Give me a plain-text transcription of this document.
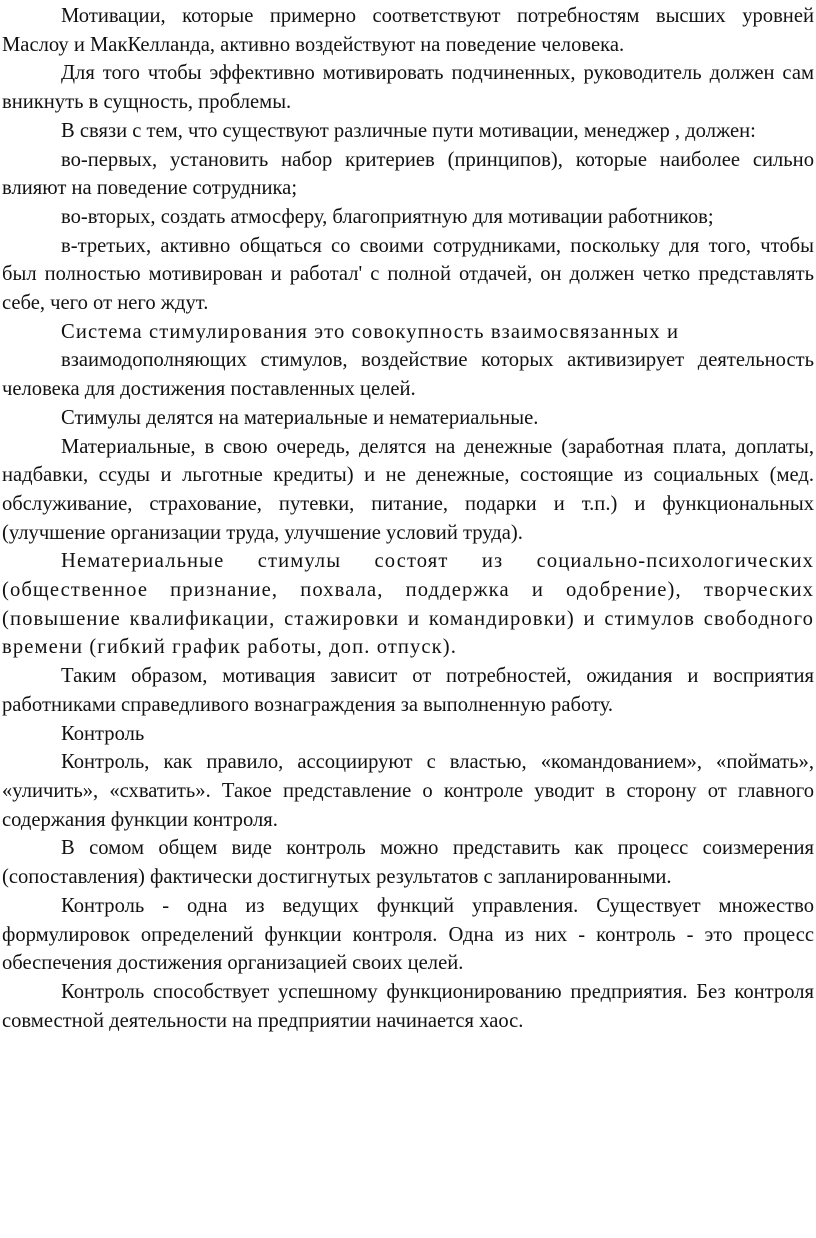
Мотивации, которые примерно соответствуют потребностям высших уровней Маслоу и МакКелланда, активно воздействуют на поведение человека.

Для того чтобы эффективно мотивировать подчиненных, руководитель должен сам вникнуть в сущность, проблемы.

В связи с тем, что существуют различные пути мотивации, менеджер , должен:

во-первых, установить набор критериев (принципов), которые наиболее сильно влияют на поведение сотрудника;

во-вторых, создать атмосферу, благоприятную для мотивации работников;

в-третьих, активно общаться со своими сотрудниками, поскольку для того, чтобы был полностью мотивирован и работал' с полной отдачей, он должен четко представлять себе, чего от него ждут.

Система стимулирования это совокупность взаимосвязанных и

взаимодополняющих стимулов, воздействие которых активизирует деятельность человека для достижения поставленных целей.

Стимулы делятся на материальные и нематериальные.

Материальные, в свою очередь, делятся на денежные (заработная плата, доплаты, надбавки, ссуды и льготные кредиты) и не денежные, состоящие из социальных (мед. обслуживание, страхование, путевки, питание, подарки и т.п.) и функциональных (улучшение организации труда, улучшение условий труда).

Нематериальные стимулы состоят из социально-психологических (общественное признание, похвала, поддержка и одобрение), творческих (повышение квалификации, стажировки и командировки) и стимулов свободного времени (гибкий график работы, доп. отпуск).

Таким образом, мотивация зависит от потребностей, ожидания и восприятия работниками справедливого вознаграждения за выполненную работу.

Контроль

Контроль, как правило, ассоциируют с властью, «командованием», «поймать», «уличить», «схватить». Такое представление о контроле уводит в сторону от главного содержания функции контроля.

В сомом общем виде контроль можно представить как процесс соизмерения (сопоставления) фактически достигнутых результатов с запланированными.

Контроль - одна из ведущих функций управления. Существует множество формулировок определений функции контроля. Одна из них - контроль - это процесс обеспечения достижения организацией своих целей.

Контроль способствует успешному функционированию предприятия. Без контроля совместной деятельности на предприятии начинается хаос.
